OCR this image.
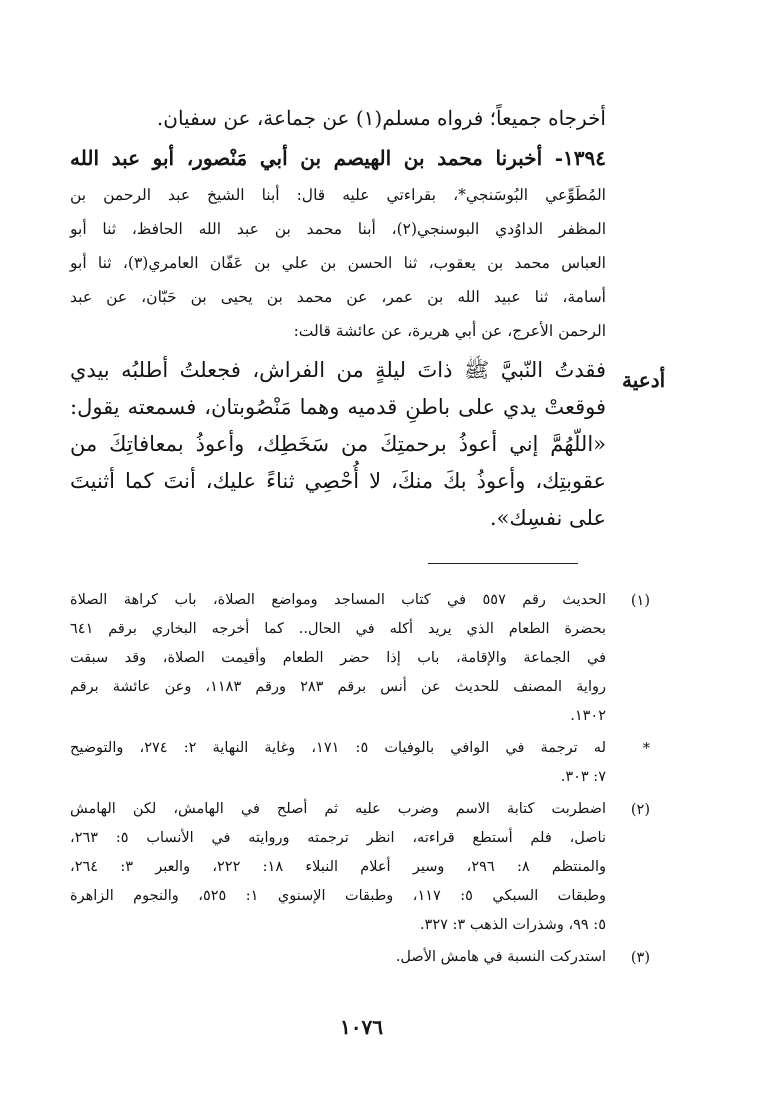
أخرجاه جميعاً؛ فرواه مسلم(١) عن جماعة، عن سفيان.
١٣٩٤- أخبرنا محمد بن الهيصم بن أبي مَنْصور، أبو عبد الله
المُطَوِّعي البُوسَنجي*، بقراءتي عليه قال: أبنا الشيخ عبد الرحمن بن
المظفر الداوُدي البوسنجي(٢)، أبنا محمد بن عبد الله الحافظ، ثنا أبو
العباس محمد بن يعقوب، ثنا الحسن بن علي بن عَفّان العامري(٣)، ثنا أبو
أسامة، ثنا عبيد الله بن عمر، عن محمد بن يحيى بن حَبّان، عن عبد
الرحمن الأعرج، عن أبي هريرة، عن عائشة قالت:
أدعية
فقدتُ النّبيَّ ﷺ ذاتَ ليلةٍ من الفراش، فجعلتُ أطلبُه بيدي
فوقعتْ يدي على باطنِ قدميه وهما مَنْصُوبتان، فسمعته يقول:
«اللّهُمَّ إني أعوذُ برحمتِكَ من سَخَطِك، وأعوذُ بمعافاتِكَ من
عقوبتِك، وأعوذُ بكَ منكَ، لا أُحْصِي ثناءً عليك، أنتَ كما أثنيتَ
على نفسِك».
(١)
الحديث رقم ٥٥٧ في كتاب المساجد ومواضع الصلاة، باب كراهة الصلاة
بحضرة الطعام الذي يريد أكله في الحال.. كما أخرجه البخاري برقم ٦٤١
في الجماعة والإقامة، باب إذا حضر الطعام وأقيمت الصلاة، وقد سبقت
رواية المصنف للحديث عن أنس برقم ٢٨٣ ورقم ١١٨٣، وعن عائشة برقم
١٣٠٢.
*
له ترجمة في الوافي بالوفيات ٥: ١٧١، وغاية النهاية ٢: ٢٧٤، والتوضيح
٧: ٣٠٣.
(٢)
اضطربت كتابة الاسم وضرب عليه ثم أصلح في الهامش، لكن الهامش
ناصل، فلم أستطع قراءته، انظر ترجمته وروايته في الأنساب ٥: ٢٦٣،
والمنتظم ٨: ٢٩٦، وسير أعلام النبلاء ١٨: ٢٢٢، والعبر ٣: ٢٦٤،
وطبقات السبكي ٥: ١١٧، وطبقات الإسنوي ١: ٥٢٥، والنجوم الزاهرة
٥: ٩٩، وشذرات الذهب ٣: ٣٢٧.
(٣)
استدركت النسبة في هامش الأصل.
١٠٧٦
